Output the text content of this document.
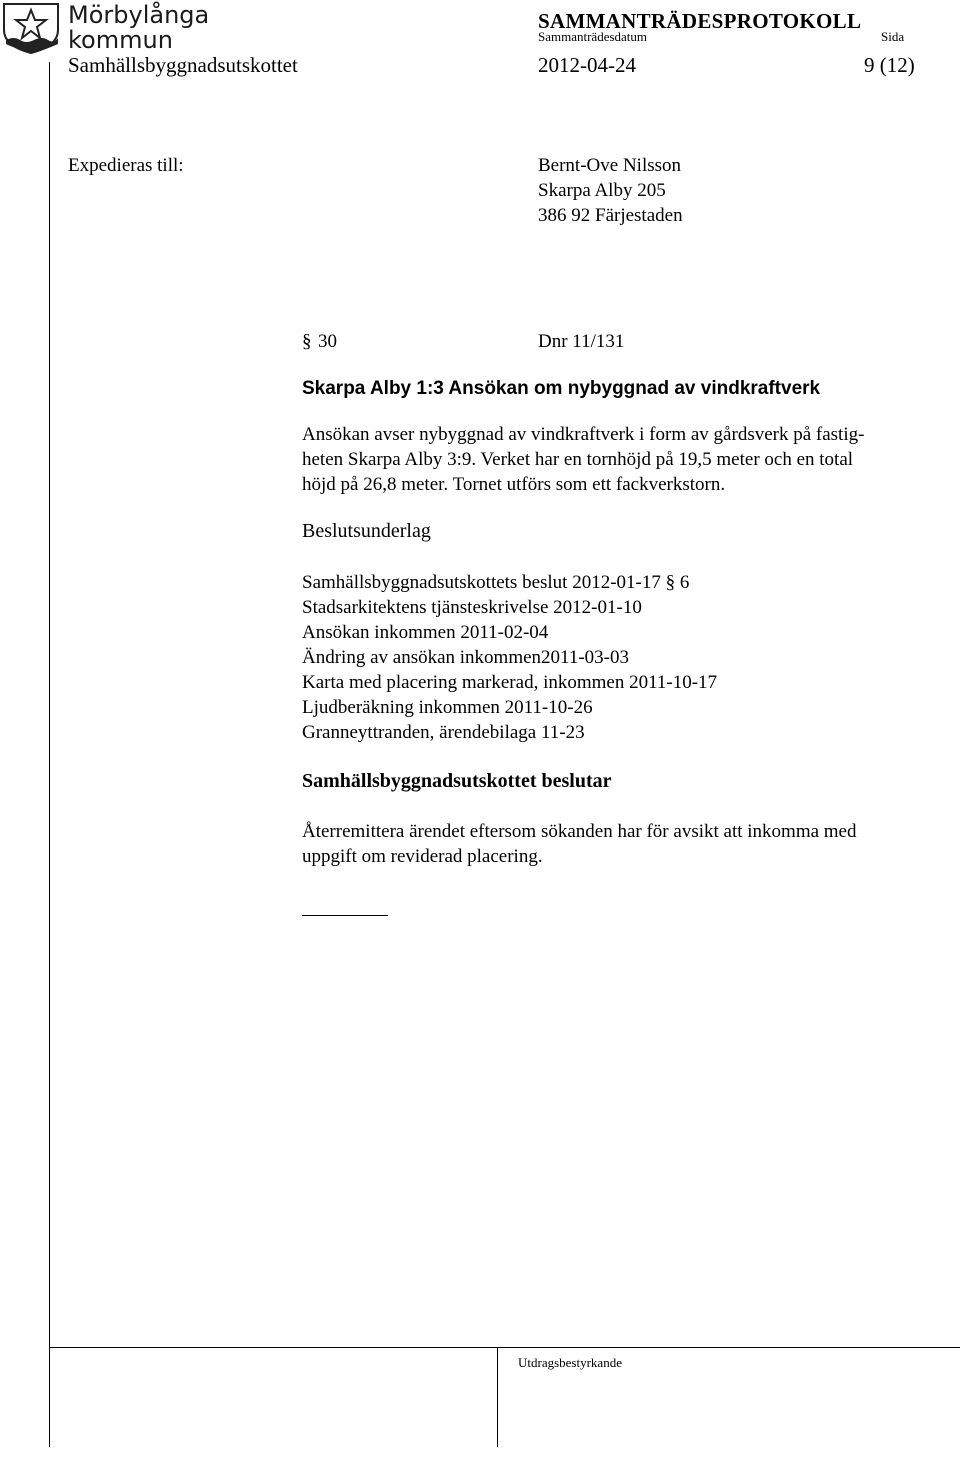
Mörbylånga
kommun
SAMMANTRÄDESPROTOKOLL
Sammanträdesdatum	Sida
Samhällsbyggnadsutskottet	2012-04-24	9 (12)
Expedieras till:	Bernt-Ove Nilsson
Skarpa Alby 205
386 92 Färjestaden
§ 30	Dnr 11/131
Skarpa Alby 1:3 Ansökan om nybyggnad av vindkraftverk
Ansökan avser nybyggnad av vindkraftverk i form av gårdsverk på fastig-
heten Skarpa Alby 3:9. Verket har en tornhöjd på 19,5 meter och en total
höjd på 26,8 meter. Tornet utförs som ett fackverkstorn.
Beslutsunderlag
Samhällsbyggnadsutskottets beslut 2012-01-17 § 6
Stadsarkitektens tjänsteskrivelse 2012-01-10
Ansökan inkommen 2011-02-04
Ändring av ansökan inkommen2011-03-03
Karta med placering markerad, inkommen 2011-10-17
Ljudberäkning inkommen 2011-10-26
Granneyttranden, ärendebilaga 11-23
Samhällsbyggnadsutskottet beslutar
Återremittera ärendet eftersom sökanden har för avsikt att inkomma med
uppgift om reviderad placering.
Utdragsbestyrkande
